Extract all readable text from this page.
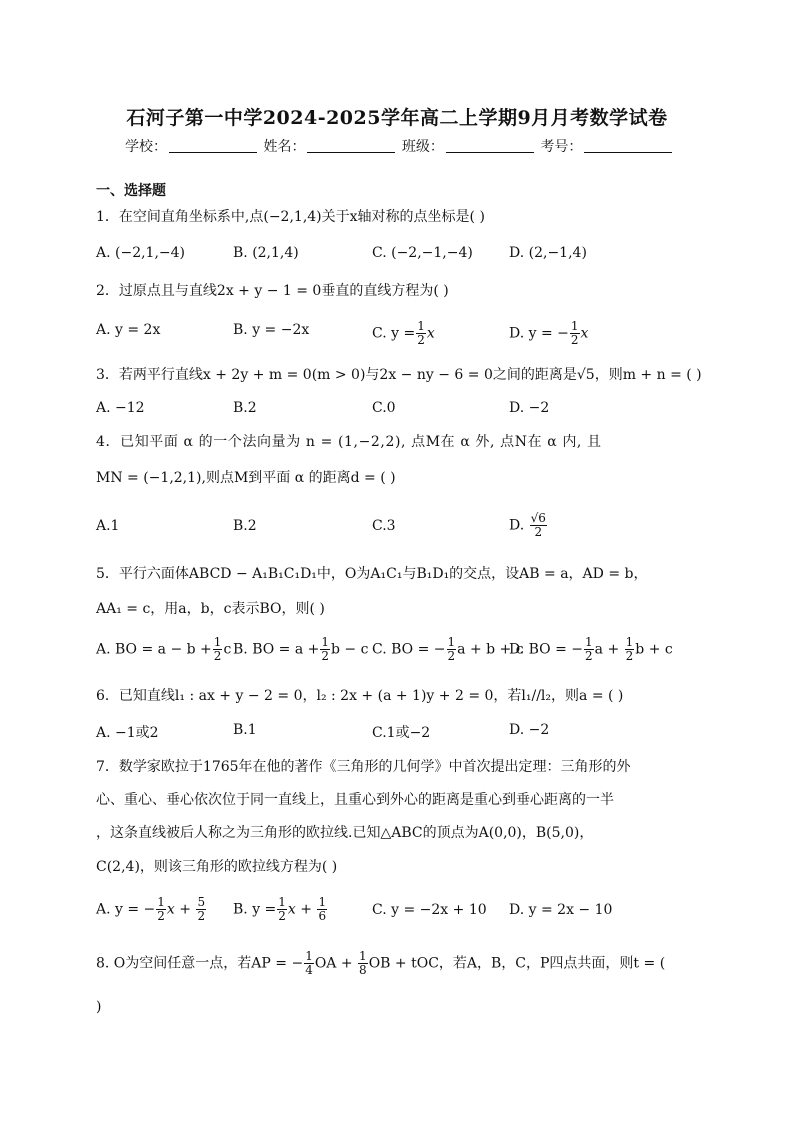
石河子第一中学2024-2025学年高二上学期9月月考数学试卷
学校：	姓名：	班级：	考号：
一、选择题
1．在空间直角坐标系中,点(−2,1,4)关于x轴对称的点坐标是( )
A. (−2,1,−4)	B. (2,1,4)	C. (−2,−1,−4)	D. (2,−1,4)
2．过原点且与直线2x + y − 1 = 0垂直的直线方程为( )
A. y = 2x	B. y = −2x	C. $y = \frac{1}{2}$ x	D. y = − $\frac{1}{2}$ x
3．若两平行直线x + 2y + m = 0(m > 0)与2x − ny − 6 = 0之间的距离是√5，则m + n = ( )
A. −12	B.2	C.0	D. −2
4．已知平面 α 的一个法向量为 n = (1,−2,2), 点M在 α 外, 点N在 α 内, 且
MN = (−1,2,1),则点M到平面 α 的距离d = ( )
A.1	B.2	C.3	D. $\frac{√6}{2}$
5．平行六面体ABCD − A₁B₁C₁D₁中，O为A₁C₁与B₁D₁的交点，设AB = a，AD = b，
AA₁ = c，用a，b，c表示BO，则( )
A. BO = $a - b + \frac{1}{2}$ c B. BO = $a + \frac{1}{2}$ b − c C. BO = − $\frac{1}{2}$ a + b + c
D. BO = − $\frac{1}{2}$ $a + \frac{1}{2}$ b + c
6．已知直线l₁ : ax + y − 2 = 0，l₂ : 2x + (a + 1)y + 2 = 0，若l₁//l₂，则a = ( )
A. −1或2	B.1	C.1或−2	D. −2
7．数学家欧拉于1765年在他的著作《三角形的几何学》中首次提出定理：三角形的外
心、重心、垂心依次位于同一直线上，且重心到外心的距离是重心到垂心距离的一半
，这条直线被后人称之为三角形的欧拉线.已知△ABC的顶点为A(0,0)，B(5,0)，
C(2,4)，则该三角形的欧拉线方程为( )
A. y = − $\frac{1}{2}$ $x + \frac{5}{2} B$. $y = \frac{1}{2}$ $x + \frac{1}{6}$	C. y = −2x + 10 D. y = 2x − 10
8. O为空间任意一点，若AP = − $\frac{1}{4}$ OA + $\frac{1}{8}$ OB + tOC，若A，B，C，P四点共面，则t = (
)
